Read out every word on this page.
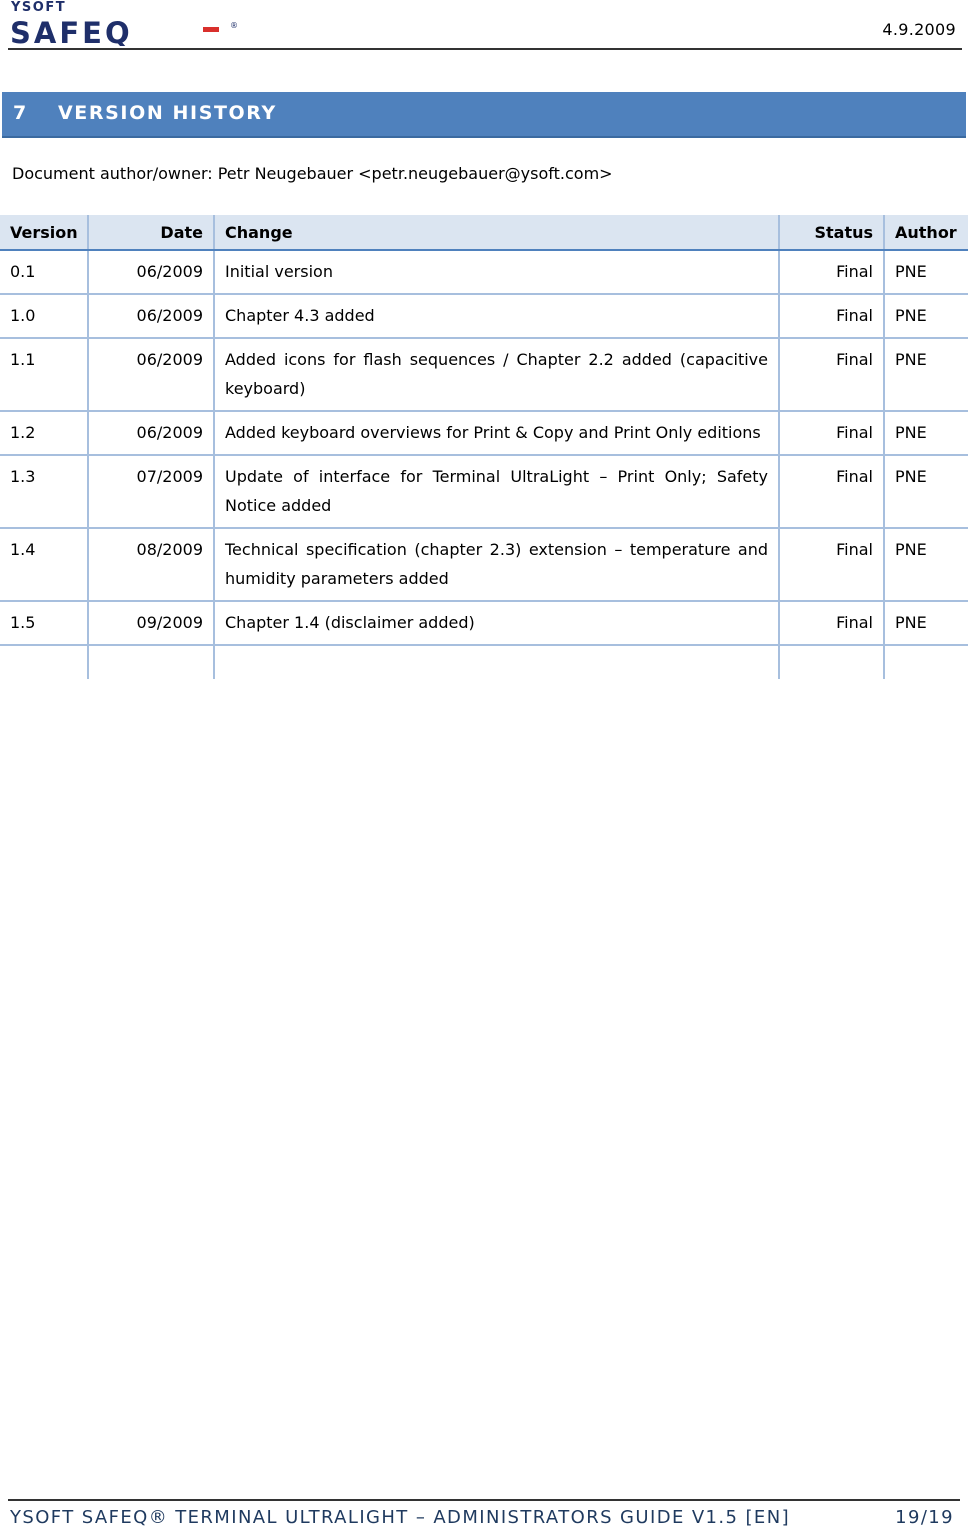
YSOFT
SAFEQ	®	4.9.2009
7 VERSION HISTORY
Document author/owner: Petr Neugebauer <petr.neugebauer@ysoft.com>
Version	Date	Change	Status	Author
0.1	06/2009	Initial version	Final	PNE
1.0	06/2009	Chapter 4.3 added	Final	PNE
1.1	06/2009	Added icons for flash sequences / Chapter 2.2 added (capacitive keyboard)	Final	PNE
1.2	06/2009	Added keyboard overviews for Print & Copy and Print Only editions	Final	PNE
1.3	07/2009	Update of interface for Terminal UltraLight – Print Only; Safety Notice added	Final	PNE
1.4	08/2009	Technical specification (chapter 2.3) extension – temperature and humidity parameters added	Final	PNE
1.5	09/2009	Chapter 1.4 (disclaimer added)	Final	PNE

YSOFT SAFEQ® TERMINAL ULTRALIGHT – ADMINISTRATORS GUIDE V1.5 [EN]	19/19
